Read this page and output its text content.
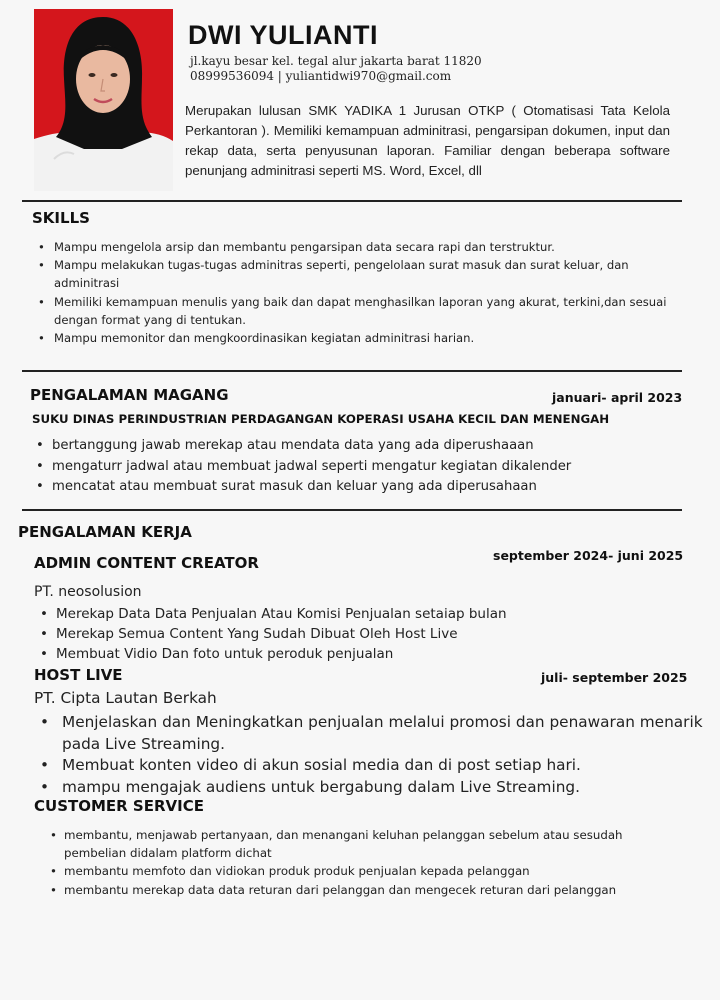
DWI YULIANTI
jl.kayu besar kel. tegal alur jakarta barat 11820
08999536094 | yuliantidwi970@gmail.com
Merupakan lulusan SMK YADIKA 1 Jurusan OTKP ( Otomatisasi Tata Kelola Perkantoran ). Memiliki kemampuan adminitrasi, pengarsipan dokumen, input dan rekap data, serta penyusunan laporan. Familiar dengan beberapa software penunjang adminitrasi seperti MS. Word, Excel, dll
SKILLS
• Mampu mengelola arsip dan membantu pengarsipan data secara rapi dan terstruktur.
• Mampu melakukan tugas-tugas adminitras seperti, pengelolaan surat masuk dan surat keluar, dan adminitrasi
• Memiliki kemampuan menulis yang baik dan dapat menghasilkan laporan yang akurat, terkini,dan sesuai dengan format yang di tentukan.
• Mampu memonitor dan mengkoordinasikan kegiatan adminitrasi harian.
PENGALAMAN MAGANG	januari- april 2023
SUKU DINAS PERINDUSTRIAN PERDAGANGAN KOPERASI USAHA KECIL DAN MENENGAH
• bertanggung jawab merekap atau mendata data yang ada diperushaaan
• mengaturr jadwal atau membuat jadwal seperti mengatur kegiatan dikalender
• mencatat atau membuat surat masuk dan keluar yang ada diperusahaan
PENGALAMAN KERJA
ADMIN CONTENT CREATOR	september 2024- juni 2025
PT. neosolusion
• Merekap Data Data Penjualan Atau Komisi Penjualan setaiap bulan
• Merekap Semua Content Yang Sudah Dibuat Oleh Host Live
• Membuat Vidio Dan foto untuk peroduk penjualan
HOST LIVE	juli- september 2025
PT. Cipta Lautan Berkah
• Menjelaskan dan Meningkatkan penjualan melalui promosi dan penawaran menarik pada Live Streaming.
• Membuat konten video di akun sosial media dan di post setiap hari.
• mampu mengajak audiens untuk bergabung dalam Live Streaming.
CUSTOMER SERVICE
• membantu, menjawab pertanyaan, dan menangani keluhan pelanggan sebelum atau sesudah pembelian didalam platform dichat
• membantu memfoto dan vidiokan produk produk penjualan kepada pelanggan
• membantu merekap data data returan dari pelanggan dan mengecek returan dari pelanggan
